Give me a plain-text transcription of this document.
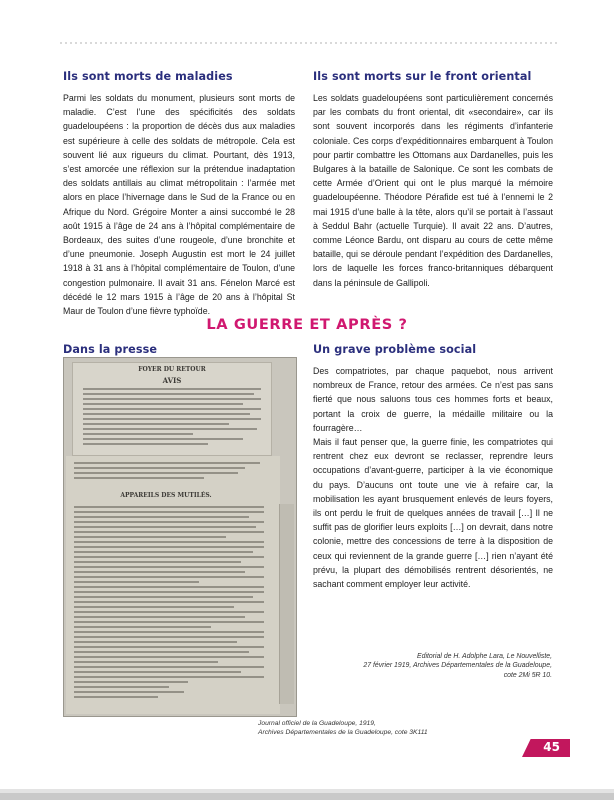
Ils sont morts de maladies

Parmi les soldats du monument, plusieurs sont morts de maladie. C’est l’une des spécificités des soldats guadeloupéens : la proportion de décès dus aux maladies est supérieure à celle des soldats de métropole. Cela est souvent lié aux rigueurs du climat. Pourtant, dès 1913, s’est amorcée une réflexion sur la prétendue inadaptation des soldats antillais au climat métropolitain : l’armée met alors en place l’hivernage dans le Sud de la France ou en Afrique du Nord. Grégoire Monter a ainsi succombé le 28 août 1915 à l’âge de 24 ans à l’hôpital complémentaire de Bordeaux, des suites d’une rougeole, d’une bronchite et d’une pneumonie. Joseph Augustin est mort le 24 juillet 1918 à 31 ans à l’hôpital complémentaire de Toulon, d’une congestion pulmonaire. Il avait 31 ans. Fénelon Marcé est décédé le 12 mars 1915 à l’âge de 20 ans à l’hôpital St Maur de Toulon d’une fièvre typhoïde.

Ils sont morts sur le front oriental

Les soldats guadeloupéens sont particulièrement concernés par les combats du front oriental, dit «secondaire», car ils sont souvent incorporés dans les régiments d’infanterie coloniale. Ces corps d’expéditionnaires embarquent à Toulon pour partir combattre les Ottomans aux Dardanelles, puis les Bulgares à la bataille de Salonique. Ce sont les combats de cette Armée d’Orient qui ont le plus marqué la mémoire guadeloupéenne. Théodore Pérafide est tué à l’ennemi le 2 mai 1915 d’une balle à la tête, alors qu’il se portait à l’assaut à Seddul Bahr (actuelle Turquie). Il avait 22 ans. D’autres, comme Léonce Bardu, ont disparu au cours de cette même bataille, qui se déroule pendant l’expédition des Dardanelles, lors de laquelle les forces franco-britanniques débarquent dans la péninsule de Gallipoli.

LA GUERRE ET APRÈS ?
Dans la presse
FOYER DU RETOUR
AVIS
APPAREILS DES MUTILÉS.
Journal officiel de la Guadeloupe, 1919,
Archives Départementales de la Guadeloupe, cote 3K111
Un grave problème social

Des compatriotes, par chaque paquebot, nous arrivent nombreux de France, retour des armées. Ce n’est pas sans fierté que nous saluons tous ces hommes forts et beaux, portant la croix de guerre, la médaille militaire ou la fourragère…
Mais il faut penser que, la guerre finie, les compatriotes qui rentrent chez eux devront se reclasser, reprendre leurs occupations d’avant-guerre, participer à la vie économique du pays. D’aucuns ont toute une vie à refaire car, la mobilisation les ayant brusquement enlevés de leurs foyers, ils ont perdu le fruit de quelques années de travail […] Il ne suffit pas de glorifier leurs exploits […] on devrait, dans notre colonie, mettre des concessions de terre à la disposition de ceux qui reviennent de la grande guerre […] rien n’ayant été prévu, la plupart des démobilisés rentrent désorientés, ne sachant comment employer leur activité.

Editorial de H. Adolphe Lara, Le Nouvelliste,
27 février 1919, Archives Départementales de la Guadeloupe,
cote 2Mi 5R 10.
45
